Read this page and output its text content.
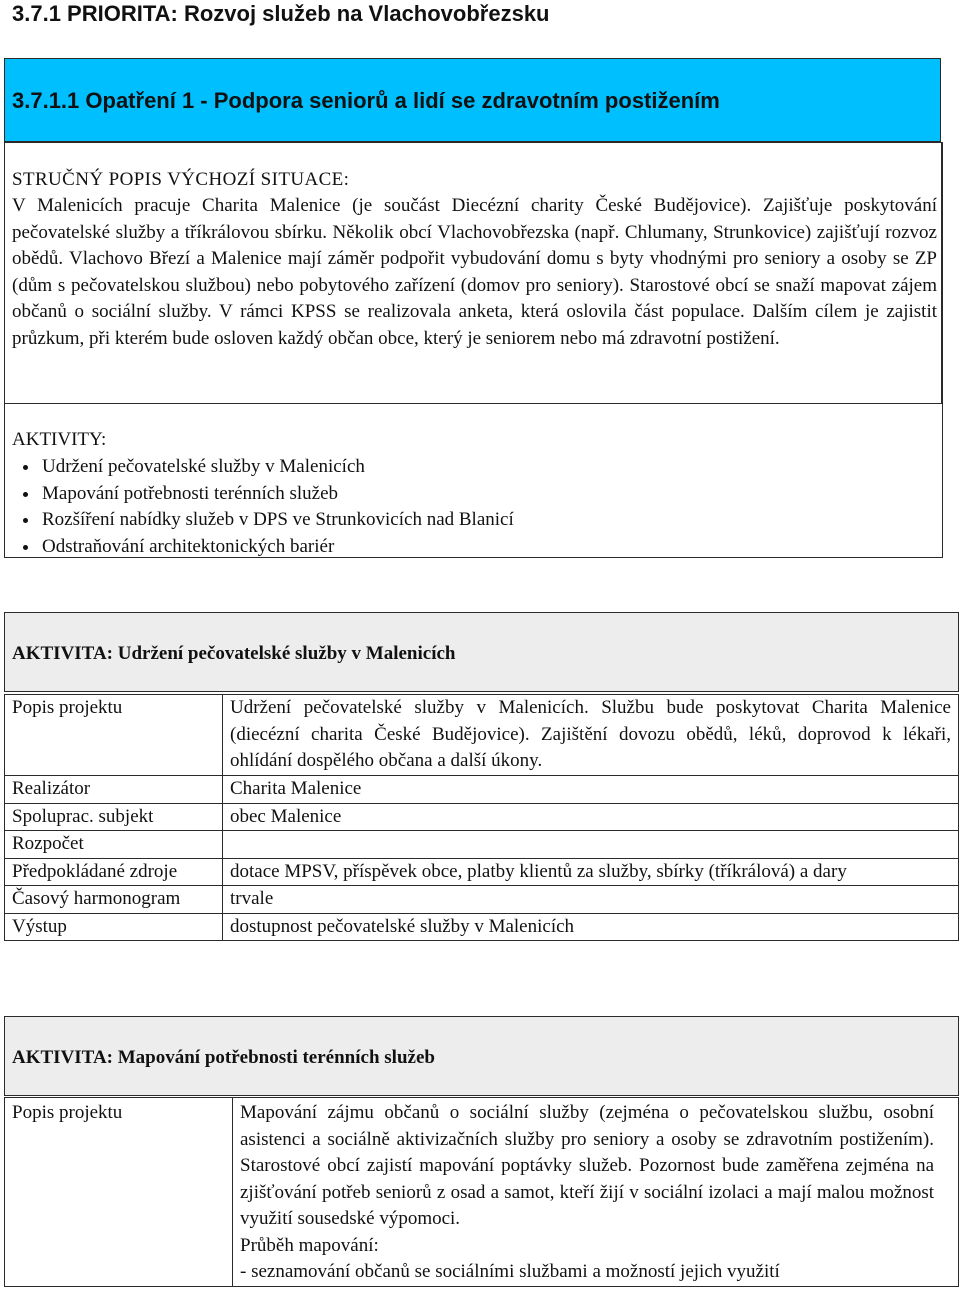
3.7.1 PRIORITA: Rozvoj služeb na Vlachovobřezsku
3.7.1.1 Opatření 1 - Podpora seniorů a lidí se zdravotním postižením
STRUČNÝ POPIS VÝCHOZÍ SITUACE:
V Malenicích pracuje Charita Malenice (je součást Diecézní charity České Budějovice). Zajišťuje poskytování pečovatelské služby a tříkrálovou sbírku. Několik obcí Vlachovobřezska (např. Chlumany, Strunkovice) zajišťují rozvoz obědů. Vlachovo Březí a Malenice mají záměr podpořit vybudování domu s byty vhodnými pro seniory a osoby se ZP (dům s pečovatelskou službou) nebo pobytového zařízení (domov pro seniory). Starostové obcí se snaží mapovat zájem občanů o sociální služby. V rámci KPSS se realizovala anketa, která oslovila část populace. Dalším cílem je zajistit průzkum, při kterém bude osloven každý občan obce, který je seniorem nebo má zdravotní postižení.
AKTIVITY:
Udržení pečovatelské služby v Malenicích
Mapování potřebnosti terénních služeb
Rozšíření nabídky služeb v DPS ve Strunkovicích nad Blanicí
Odstraňování architektonických bariér
AKTIVITA: Udržení pečovatelské služby v Malenicích
Popis projektu	Udržení pečovatelské služby v Malenicích. Službu bude poskytovat Charita Malenice (diecézní charita České Budějovice). Zajištění dovozu obědů, léků, doprovod k lékaři, ohlídání dospělého občana a další úkony.
Realizátor	Charita Malenice
Spoluprac. subjekt	obec Malenice
Rozpočet	
Předpokládané zdroje	dotace MPSV, příspěvek obce, platby klientů za služby, sbírky (tříkrálová) a dary
Časový harmonogram	trvale
Výstup	dostupnost pečovatelské služby v Malenicích
AKTIVITA: Mapování potřebnosti terénních služeb
Popis projektu	Mapování zájmu občanů o sociální služby (zejména o pečovatelskou službu, osobní asistenci a sociálně aktivizačních služby pro seniory a osoby se zdravotním postižením). Starostové obcí zajistí mapování poptávky služeb. Pozornost bude zaměřena zejména na zjišťování potřeb seniorů z osad a samot, kteří žijí v sociální izolaci a mají malou možnost využití sousedské výpomoci.
Průběh mapování:
- seznamování občanů se sociálními službami a možností jejich využití
